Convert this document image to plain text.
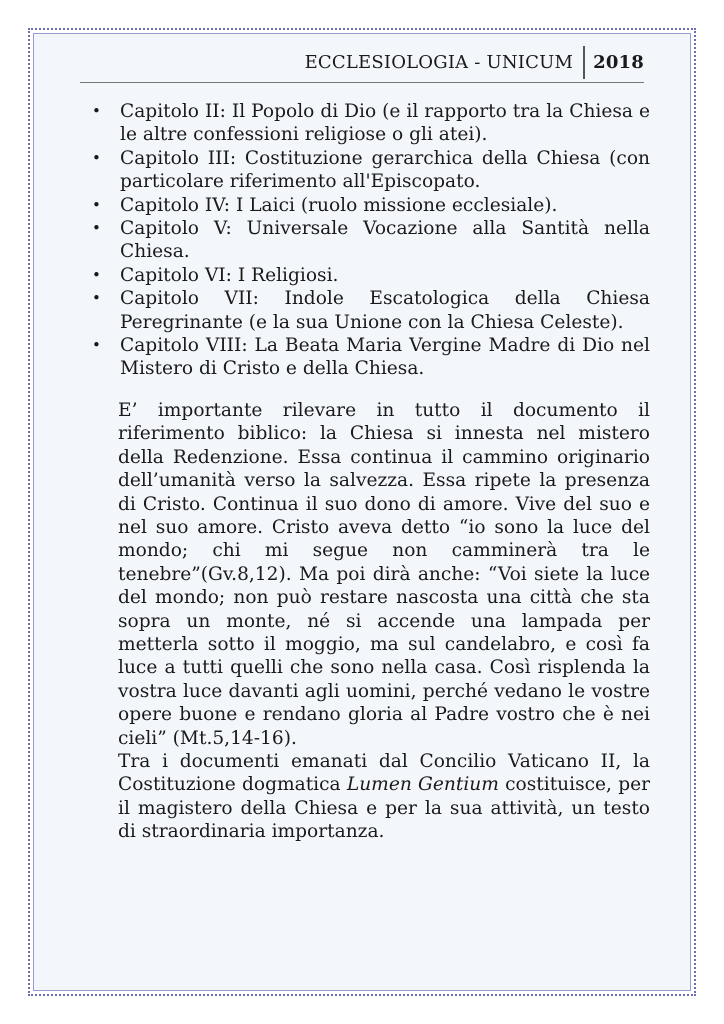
ECCLESIOLOGIA - UNICUM	2018
• Capitolo II: Il Popolo di Dio (e il rapporto tra la Chiesa e le altre confessioni religiose o gli atei).
• Capitolo III: Costituzione gerarchica della Chiesa (con particolare riferimento all'Episcopato.
• Capitolo IV: I Laici (ruolo missione ecclesiale).
• Capitolo V: Universale Vocazione alla Santità nella Chiesa.
• Capitolo VI: I Religiosi.
• Capitolo VII: Indole Escatologica della Chiesa Peregrinante (e la sua Unione con la Chiesa Celeste).
• Capitolo VIII: La Beata Maria Vergine Madre di Dio nel Mistero di Cristo e della Chiesa.

E’ importante rilevare in tutto il documento il riferimento biblico: la Chiesa si innesta nel mistero della Redenzione. Essa continua il cammino originario dell’umanità verso la salvezza. Essa ripete la presenza di Cristo. Continua il suo dono di amore. Vive del suo e nel suo amore. Cristo aveva detto “io sono la luce del mondo; chi mi segue non camminerà tra le tenebre”(Gv.8,12). Ma poi dirà anche: “Voi siete la luce del mondo; non può restare nascosta una città che sta sopra un monte, né si accende una lampada per metterla sotto il moggio, ma sul candelabro, e così fa luce a tutti quelli che sono nella casa. Così risplenda la vostra luce davanti agli uomini, perché vedano le vostre opere buone e rendano gloria al Padre vostro che è nei cieli” (Mt.5,14-16).

Tra i documenti emanati dal Concilio Vaticano II, la Costituzione dogmatica Lumen Gentium costituisce, per il magistero della Chiesa e per la sua attività, un testo di straordinaria importanza.
